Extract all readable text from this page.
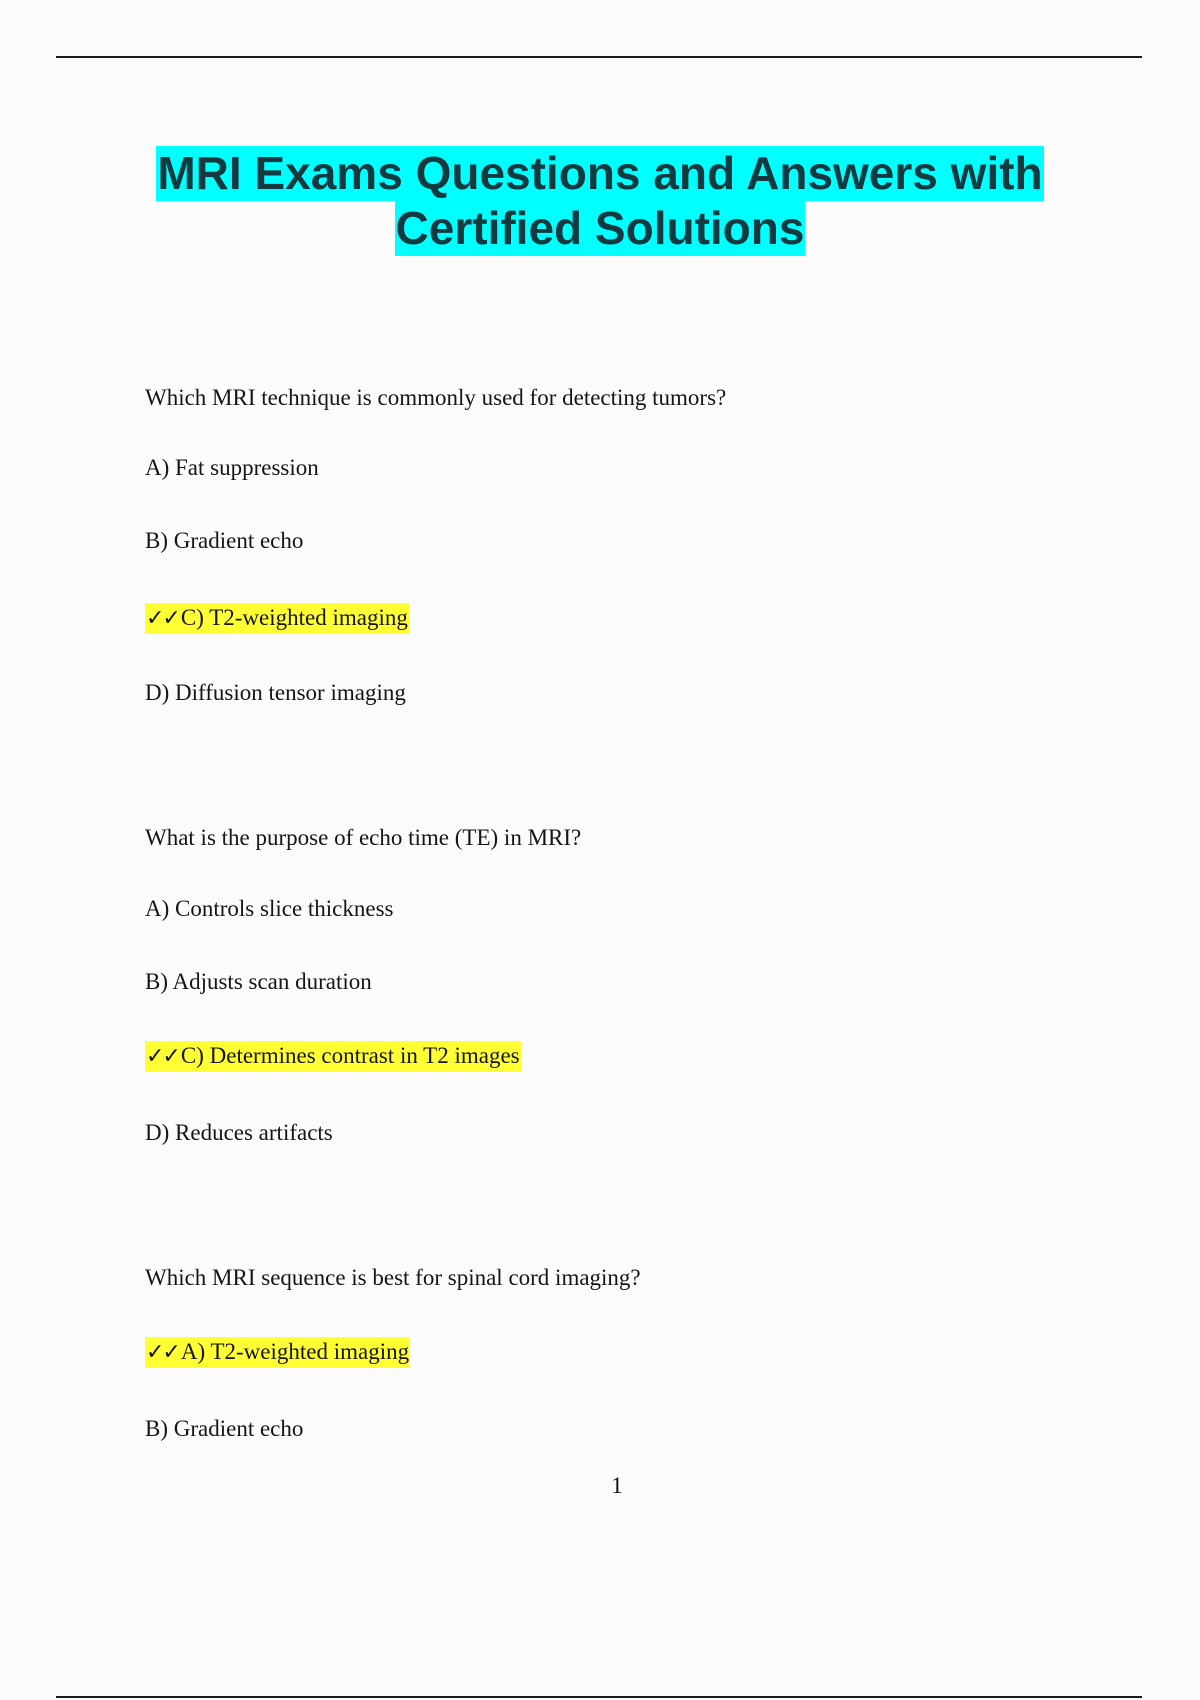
MRI Exams Questions and Answers with
Certified Solutions
Which MRI technique is commonly used for detecting tumors?
A) Fat suppression
B) Gradient echo
✓✓C) T2-weighted imaging
D) Diffusion tensor imaging
What is the purpose of echo time (TE) in MRI?
A) Controls slice thickness
B) Adjusts scan duration
✓✓C) Determines contrast in T2 images
D) Reduces artifacts
Which MRI sequence is best for spinal cord imaging?
✓✓A) T2-weighted imaging
B) Gradient echo
1
